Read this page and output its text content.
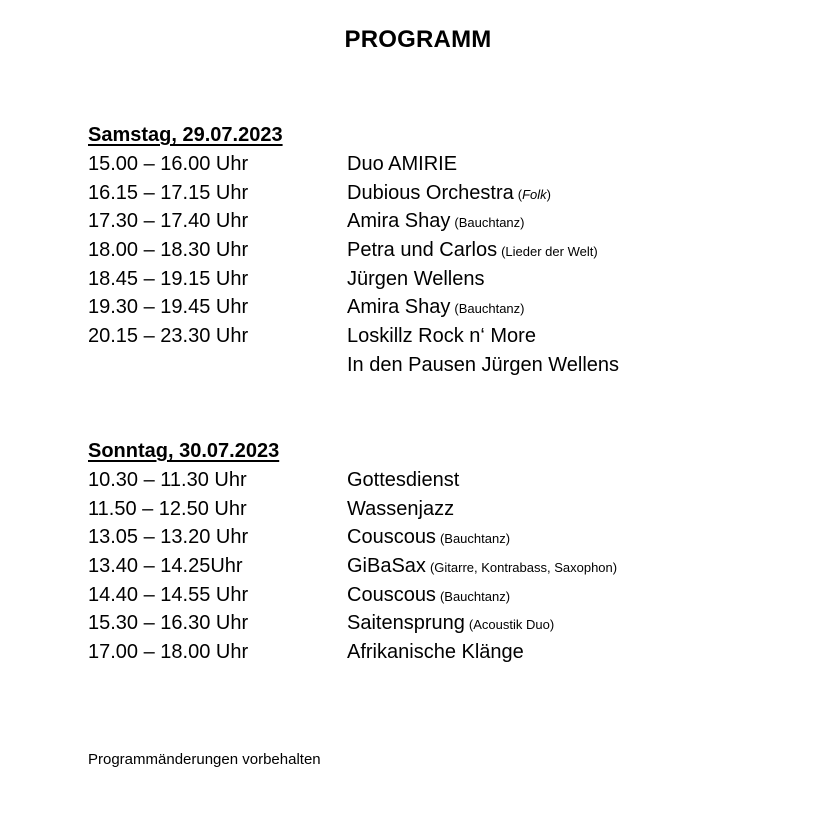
PROGRAMM
Samstag, 29.07.2023
15.00 – 16.00 Uhr	Duo AMIRIE
16.15 – 17.15 Uhr	Dubious Orchestra (Folk)
17.30 – 17.40 Uhr	Amira Shay (Bauchtanz)
18.00 – 18.30 Uhr	Petra und Carlos (Lieder der Welt)
18.45 – 19.15 Uhr	Jürgen Wellens
19.30 – 19.45 Uhr	Amira Shay (Bauchtanz)
20.15 – 23.30 Uhr	Loskillz Rock n‘ More
In den Pausen Jürgen Wellens
Sonntag, 30.07.2023
10.30 – 11.30 Uhr	Gottesdienst
11.50 – 12.50 Uhr	Wassenjazz
13.05 – 13.20 Uhr	Couscous (Bauchtanz)
13.40 – 14.25Uhr	GiBaSax (Gitarre, Kontrabass, Saxophon)
14.40 – 14.55 Uhr	Couscous (Bauchtanz)
15.30 – 16.30 Uhr	Saitensprung (Acoustik Duo)
17.00 – 18.00 Uhr	Afrikanische Klänge
Programmänderungen vorbehalten
